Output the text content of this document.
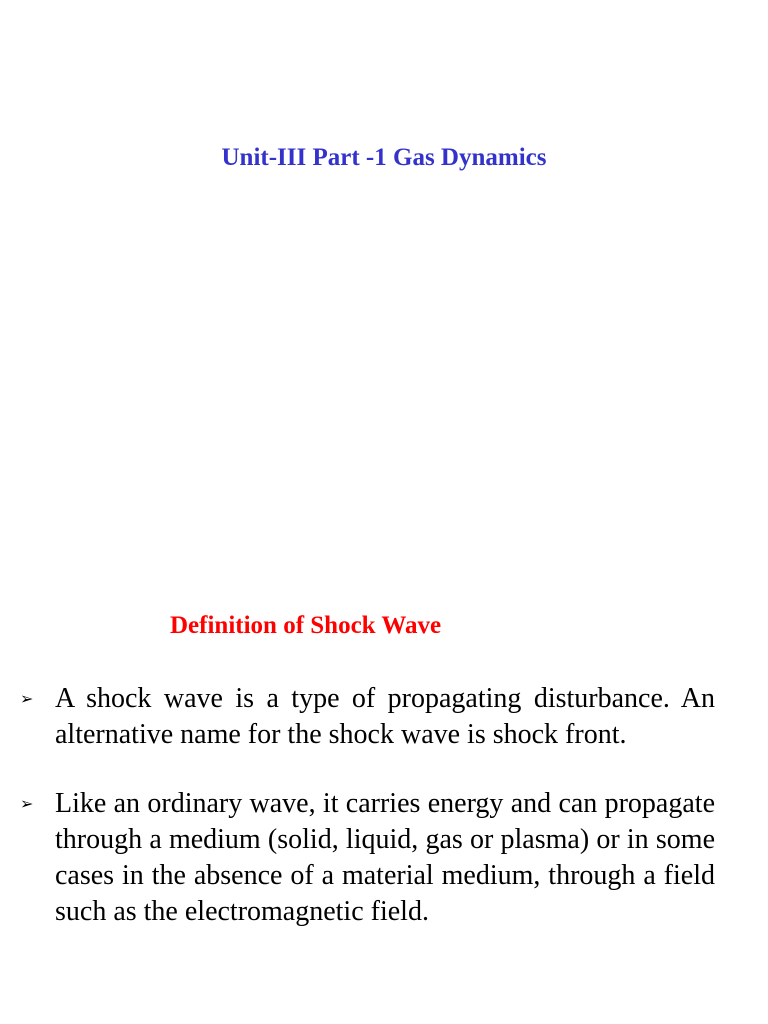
Unit-III Part -1 Gas Dynamics
Definition of Shock Wave
➢ A shock wave is a type of propagating disturbance. An alternative name for the shock wave is shock front.
➢ Like an ordinary wave, it carries energy and can propagate through a medium (solid, liquid, gas or plasma) or in some cases in the absence of a material medium, through a field such as the electromagnetic field.
